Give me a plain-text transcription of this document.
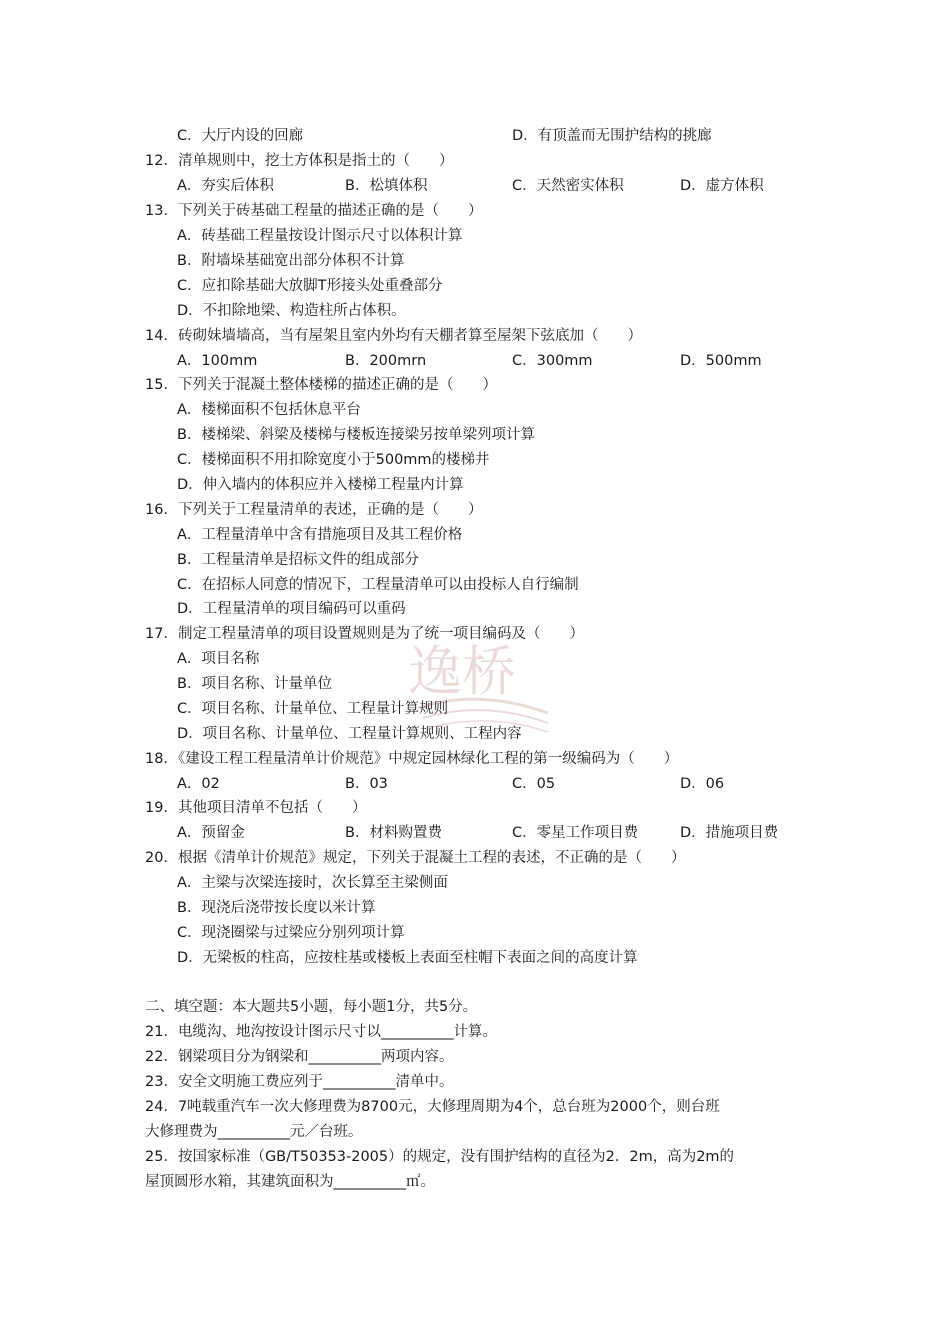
逸桥
C．大厅内设的回廊	D．有顶盖而无围护结构的挑廊
12．清单规则中，挖土方体积是指土的（　　）
A．夯实后体积	B．松填体积	C．天然密实体积	D．虚方体积
13．下列关于砖基础工程量的描述正确的是（　　）
A．砖基础工程量按设计图示尺寸以体积计算
B．附墙垛基础宽出部分体积不计算
C．应扣除基础大放脚T形接头处重叠部分
D．不扣除地梁、构造柱所占体积。
14．砖砌妹墙墙高，当有屋架且室内外均有天棚者算至屋架下弦底加（　　）
A．100mm	B．200mrn	C．300mm	D．500mm
15．下列关于混凝土整体楼梯的描述正确的是（　　）
A．楼梯面积不包括休息平台
B．楼梯梁、斜梁及楼梯与楼板连接梁另按单梁列项计算
C．楼梯面积不用扣除宽度小于500mm的楼梯井
D．伸入墙内的体积应并入楼梯工程量内计算
16．下列关于工程量清单的表述，正确的是（　　）
A．工程量清单中含有措施项目及其工程价格
B．工程量清单是招标文件的组成部分
C．在招标人同意的情况下，工程量清单可以由投标人自行编制
D．工程量清单的项目编码可以重码
17．制定工程量清单的项目设置规则是为了统一项目编码及（　　）
A．项目名称
B．项目名称、计量单位
C．项目名称、计量单位、工程量计算规则
D．项目名称、计量单位、工程量计算规则、工程内容
18．《建设工程工程量清单计价规范》中规定园林绿化工程的第一级编码为（　　）
A．02	B．03	C．05	D．06
19．其他项目清单不包括（　　）
A．预留金	B．材料购置费	C．零星工作项目费	D．措施项目费
20．根据《清单计价规范》规定，下列关于混凝土工程的表述，不正确的是（　　）
A．主梁与次梁连接时，次长算至主梁侧面
B．现浇后浇带按长度以米计算
C．现浇圈梁与过梁应分别列项计算
D．无梁板的柱高，应按柱基或楼板上表面至柱帽下表面之间的高度计算
二、填空题：本大题共5小题，每小题1分，共5分。
21．电缆沟、地沟按设计图示尺寸以__________计算。
22．钢梁项目分为钢梁和__________两项内容。
23．安全文明施工费应列于__________清单中。
24．7吨载重汽车一次大修理费为8700元，大修理周期为4个，总台班为2000个，则台班
大修理费为__________元／台班。
25．按国家标准（GB/T50353-2005）的规定，没有围护结构的直径为2．2m，高为2m的
屋顶圆形水箱，其建筑面积为__________㎡。
